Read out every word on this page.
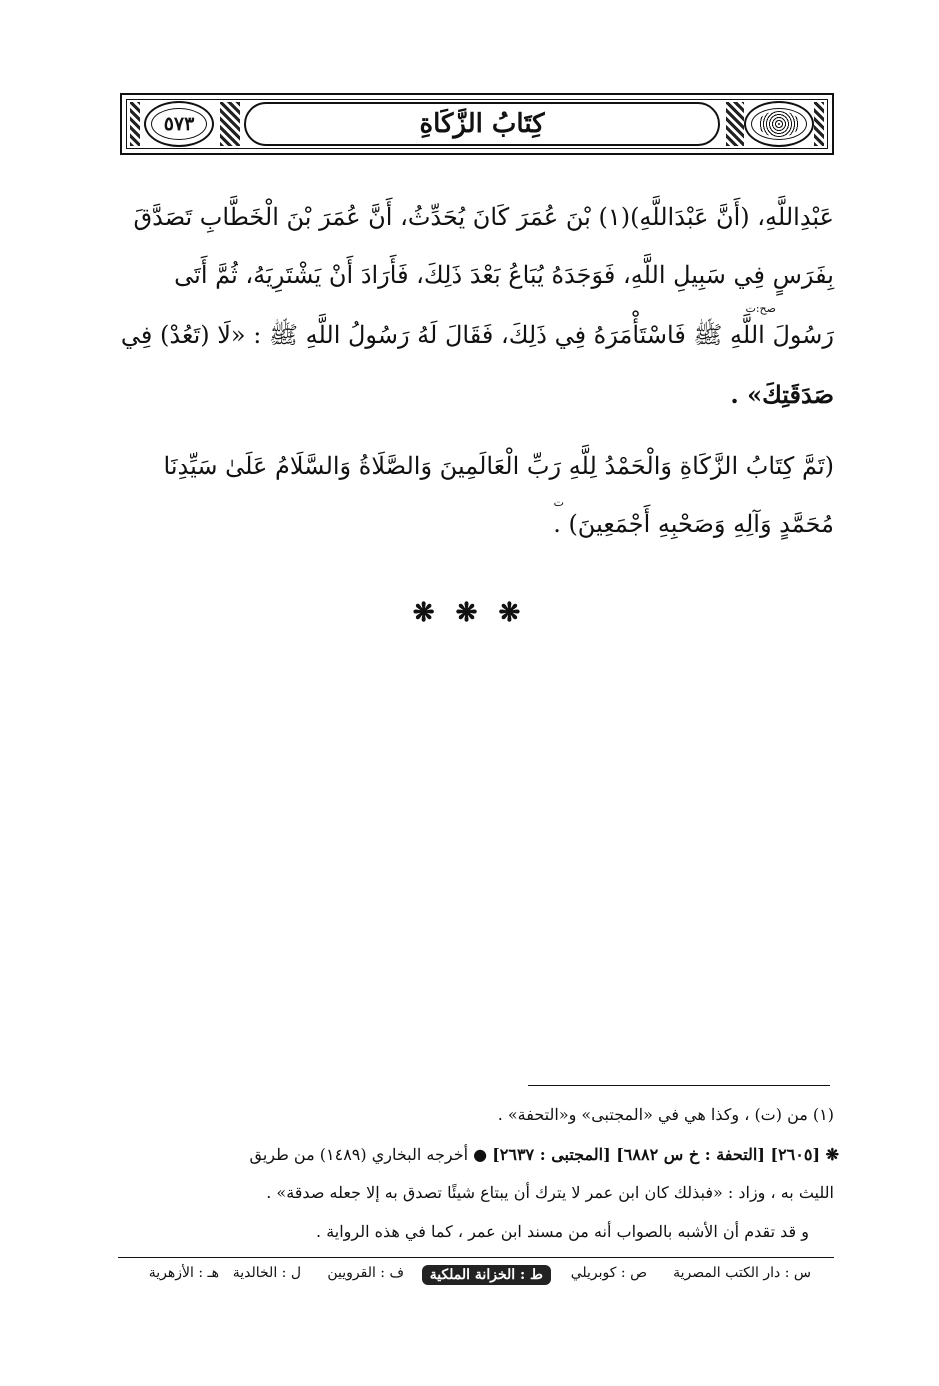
٥٧٣	كِتَابُ الزَّكَاةِ
عَبْدِاللَّهِ، (أَنَّ عَبْدَاللَّهِ)(١) بْنَ عُمَرَ كَانَ يُحَدِّثُ، أَنَّ عُمَرَ بْنَ الْخَطَّابِ تَصَدَّقَ
بِفَرَسٍ فِي سَبِيلِ اللَّهِ، فَوَجَدَهُ يُبَاعُ بَعْدَ ذَلِكَ، فَأَرَادَ أَنْ يَشْتَرِيَهُ، ثُمَّ أَتَى
صح:ت
رَسُولَ اللَّهِ ﷺ فَاسْتَأْمَرَهُ فِي ذَلِكَ، فَقَالَ لَهُ رَسُولُ اللَّهِ ﷺ : «لَا (تَعُدْ) فِي
صَدَقَتِكَ» .
(تَمَّ كِتَابُ الزَّكَاةِ وَالْحَمْدُ لِلَّهِ رَبِّ الْعَالَمِينَ وَالصَّلَاةُ وَالسَّلَامُ عَلَىٰ سَيِّدِنَا
ت
مُحَمَّدٍ وَآلِهِ وَصَحْبِهِ أَجْمَعِينَ) .
❋ ❋ ❋
(١) من (ت) ، وكذا هي في «المجتبى» و«التحفة» .
❋ [٢٦٠٥] [التحفة : خ س ٦٨٨٢] [المجتبى : ٢٦٣٧] ● أخرجه البخاري (١٤٨٩) من طريق
الليث به ، وزاد : «فبذلك كان ابن عمر لا يترك أن يبتاع شيئًا تصدق به إلا جعله صدقة» .
و قد تقدم أن الأشبه بالصواب أنه من مسند ابن عمر ، كما في هذه الرواية .
س : دار الكتب المصرية
ص : كوبريلي
ط : الخزانة الملكية
ف : القرويين
ل : الخالدية
هـ : الأزهرية
